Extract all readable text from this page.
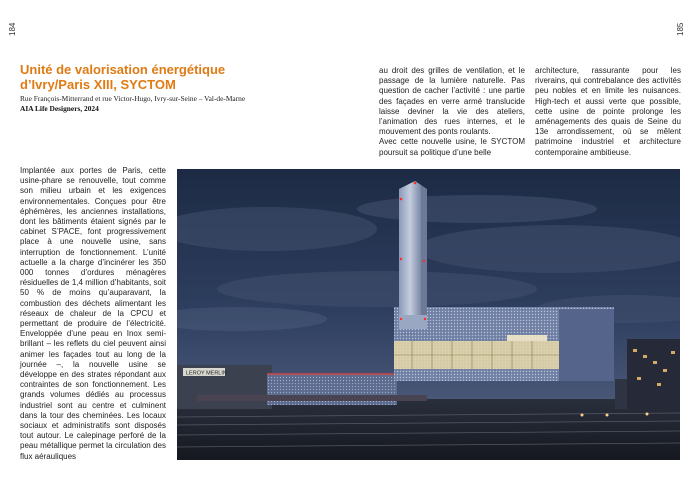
184	185
Unité de valorisation énergétique
d’Ivry/Paris XIII, SYCTOM
Rue François-Mitterrand et rue Victor-Hugo, Ivry-sur-Seine – Val-de-Marne
AIA Life Designers, 2024
Implantée aux portes de Paris, cette usine-phare se renouvelle, tout comme son milieu urbain et les exigences environnementales. Conçues pour être éphémères, les anciennes installations, dont les bâtiments étaient signés par le cabinet S’PACE, font progressivement place à une nouvelle usine, sans interruption de fonctionnement. L’unité actuelle a la charge d’incinérer les 350 000 tonnes d’ordures ménagères résiduelles de 1,4 million d’habitants, soit 50 % de moins qu’auparavant, la combustion des déchets alimentant les réseaux de chaleur de la CPCU et permettant de produire de l’électricité. Enveloppée d’une peau en Inox semi-brillant – les reflets du ciel peuvent ainsi animer les façades tout au long de la journée –, la nouvelle usine se développe en des strates répondant aux contraintes de son fonctionnement. Les grands volumes dédiés au processus industriel sont au centre et culminent dans la tour des cheminées. Les locaux sociaux et administratifs sont disposés tout autour. Le calepinage perforé de la peau métallique permet la circulation des flux aérauliques
au droit des grilles de ventilation, et le passage de la lumière naturelle. Pas question de cacher l’activité : une partie des façades en verre armé translucide laisse deviner la vie des ateliers, l’animation des rues internes, et le mouvement des ponts roulants.
Avec cette nouvelle usine, le SYCTOM poursuit sa politique d’une belle
architecture, rassurante pour les riverains, qui contrebalance des activités peu nobles et en limite les nuisances. High-tech et aussi verte que possible, cette usine de pointe prolonge les aménagements des quais de Seine du 13e arrondissement, où se mêlent patrimoine industriel et architecture contemporaine ambitieuse.
LEROY MERLIN
